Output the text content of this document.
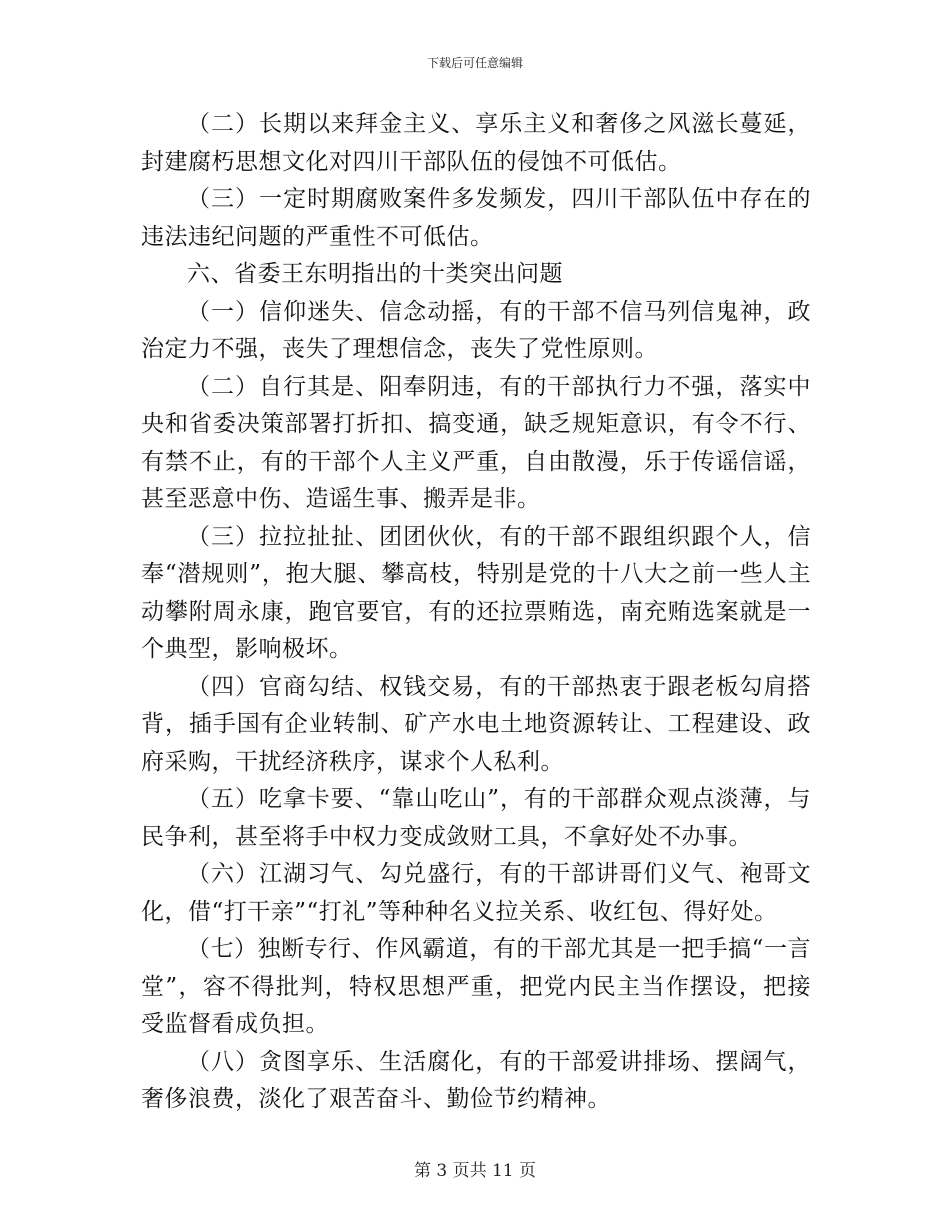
下载后可任意编辑

（二）长期以来拜金主义、享乐主义和奢侈之风滋长蔓延，封建腐朽思想文化对四川干部队伍的侵蚀不可低估。

（三）一定时期腐败案件多发频发，四川干部队伍中存在的违法违纪问题的严重性不可低估。

六、省委王东明指出的十类突出问题

（一）信仰迷失、信念动摇，有的干部不信马列信鬼神，政治定力不强，丧失了理想信念，丧失了党性原则。

（二）自行其是、阳奉阴违，有的干部执行力不强，落实中央和省委决策部署打折扣、搞变通，缺乏规矩意识，有令不行、有禁不止，有的干部个人主义严重，自由散漫，乐于传谣信谣，甚至恶意中伤、造谣生事、搬弄是非。

（三）拉拉扯扯、团团伙伙，有的干部不跟组织跟个人，信奉“潜规则”，抱大腿、攀高枝，特别是党的十八大之前一些人主动攀附周永康，跑官要官，有的还拉票贿选，南充贿选案就是一个典型，影响极坏。

（四）官商勾结、权钱交易，有的干部热衷于跟老板勾肩搭背，插手国有企业转制、矿产水电土地资源转让、工程建设、政府采购，干扰经济秩序，谋求个人私利。

（五）吃拿卡要、“靠山吃山”，有的干部群众观点淡薄，与民争利，甚至将手中权力变成敛财工具，不拿好处不办事。

（六）江湖习气、勾兑盛行，有的干部讲哥们义气、袍哥文化，借“打干亲”“打礼”等种种名义拉关系、收红包、得好处。

（七）独断专行、作风霸道，有的干部尤其是一把手搞“一言堂”，容不得批判，特权思想严重，把党内民主当作摆设，把接受监督看成负担。

（八）贪图享乐、生活腐化，有的干部爱讲排场、摆阔气，奢侈浪费，淡化了艰苦奋斗、勤俭节约精神。

第 3 页共 11 页
